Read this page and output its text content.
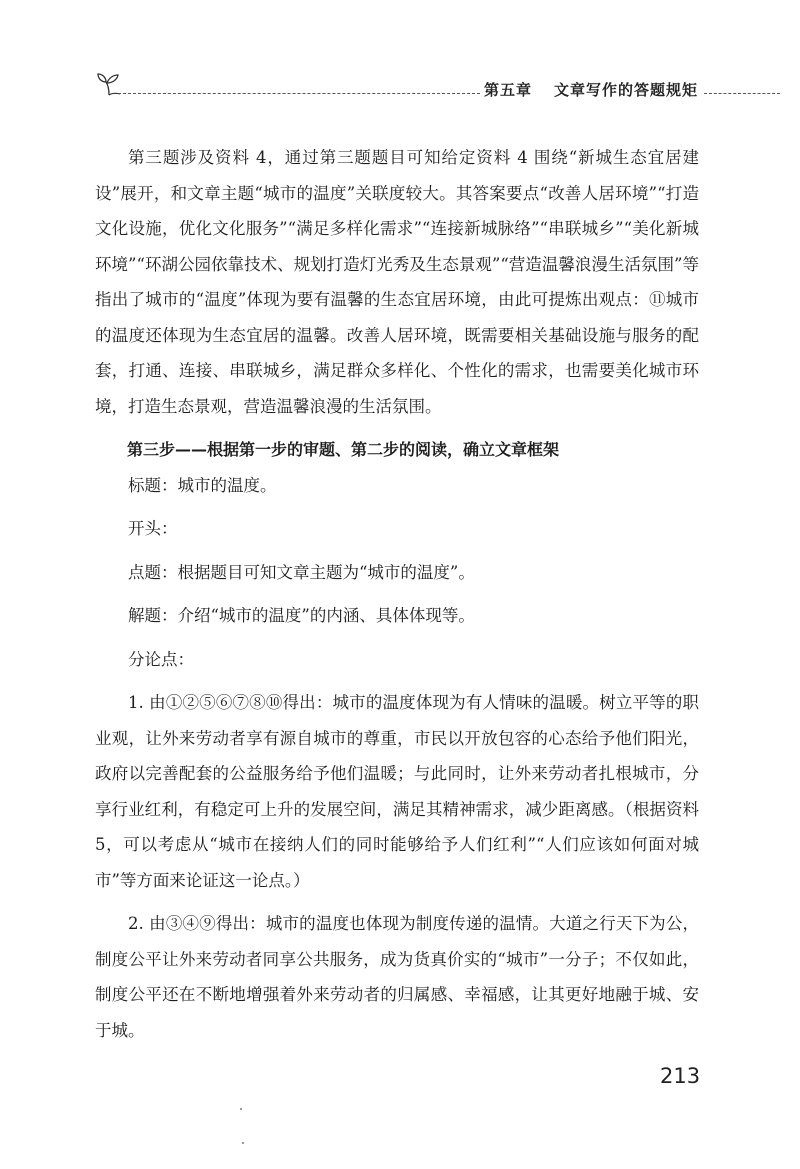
第五章 文章写作的答题规矩

第三题涉及资料 4，通过第三题题目可知给定资料 4 围绕“新城生态宜居建设”展开，和文章主题“城市的温度”关联度较大。其答案要点“改善人居环境”“打造文化设施，优化文化服务”“满足多样化需求”“连接新城脉络”“串联城乡”“美化新城环境”“环湖公园依靠技术、规划打造灯光秀及生态景观”“营造温馨浪漫生活氛围”等指出了城市的“温度”体现为要有温馨的生态宜居环境，由此可提炼出观点：⑪城市的温度还体现为生态宜居的温馨。改善人居环境，既需要相关基础设施与服务的配套，打通、连接、串联城乡，满足群众多样化、个性化的需求，也需要美化城市环境，打造生态景观，营造温馨浪漫的生活氛围。

第三步——根据第一步的审题、第二步的阅读，确立文章框架

标题：城市的温度。

开头：

点题：根据题目可知文章主题为“城市的温度”。

解题：介绍“城市的温度”的内涵、具体体现等。

分论点：

1. 由①②⑤⑥⑦⑧⑩得出：城市的温度体现为有人情味的温暖。树立平等的职业观，让外来劳动者享有源自城市的尊重，市民以开放包容的心态给予他们阳光，政府以完善配套的公益服务给予他们温暖；与此同时，让外来劳动者扎根城市，分享行业红利，有稳定可上升的发展空间，满足其精神需求，减少距离感。（根据资料 5，可以考虑从“城市在接纳人们的同时能够给予人们红利”“人们应该如何面对城市”等方面来论证这一论点。）

2. 由③④⑨得出：城市的温度也体现为制度传递的温情。大道之行天下为公，制度公平让外来劳动者同享公共服务，成为货真价实的“城市”一分子；不仅如此，制度公平还在不断地增强着外来劳动者的归属感、幸福感，让其更好地融于城、安于城。

213
